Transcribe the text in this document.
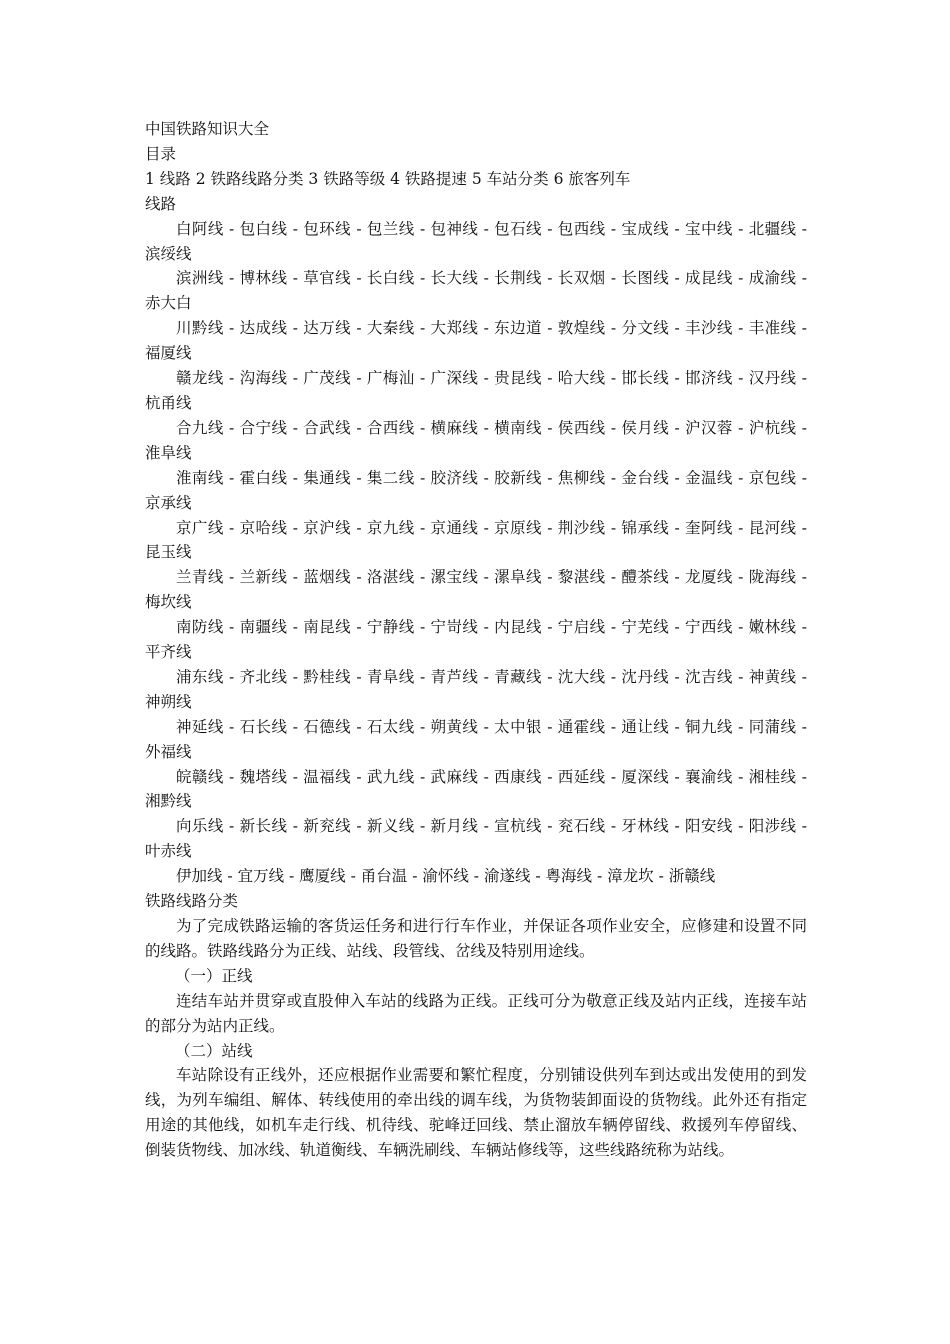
中国铁路知识大全

目录

1 线路 2 铁路线路分类 3 铁路等级 4 铁路提速 5 车站分类 6 旅客列车

线路

白阿线 - 包白线 - 包环线 - 包兰线 - 包神线 - 包石线 - 包西线 - 宝成线 - 宝中线 - 北疆线 - 滨绥线

滨洲线 - 博林线 - 草官线 - 长白线 - 长大线 - 长荆线 - 长双烟 - 长图线 - 成昆线 - 成渝线 - 赤大白

川黔线 - 达成线 - 达万线 - 大秦线 - 大郑线 - 东边道 - 敦煌线 - 分文线 - 丰沙线 - 丰准线 - 福厦线

赣龙线 - 沟海线 - 广茂线 - 广梅汕 - 广深线 - 贵昆线 - 哈大线 - 邯长线 - 邯济线 - 汉丹线 - 杭甬线

合九线 - 合宁线 - 合武线 - 合西线 - 横麻线 - 横南线 - 侯西线 - 侯月线 - 沪汉蓉 - 沪杭线 - 淮阜线

淮南线 - 霍白线 - 集通线 - 集二线 - 胶济线 - 胶新线 - 焦柳线 - 金台线 - 金温线 - 京包线 - 京承线

京广线 - 京哈线 - 京沪线 - 京九线 - 京通线 - 京原线 - 荆沙线 - 锦承线 - 奎阿线 - 昆河线 - 昆玉线

兰青线 - 兰新线 - 蓝烟线 - 洛湛线 - 漯宝线 - 漯阜线 - 黎湛线 - 醴茶线 - 龙厦线 - 陇海线 - 梅坎线

南防线 - 南疆线 - 南昆线 - 宁静线 - 宁岢线 - 内昆线 - 宁启线 - 宁芜线 - 宁西线 - 嫩林线 - 平齐线

浦东线 - 齐北线 - 黔桂线 - 青阜线 - 青芦线 - 青藏线 - 沈大线 - 沈丹线 - 沈吉线 - 神黄线 - 神朔线

神延线 - 石长线 - 石德线 - 石太线 - 朔黄线 - 太中银 - 通霍线 - 通让线 - 铜九线 - 同蒲线 - 外福线

皖赣线 - 魏塔线 - 温福线 - 武九线 - 武麻线 - 西康线 - 西延线 - 厦深线 - 襄渝线 - 湘桂线 - 湘黔线

向乐线 - 新长线 - 新兖线 - 新义线 - 新月线 - 宣杭线 - 兖石线 - 牙林线 - 阳安线 - 阳涉线 - 叶赤线

伊加线 - 宜万线 - 鹰厦线 - 甬台温 - 渝怀线 - 渝遂线 - 粤海线 - 漳龙坎 - 浙赣线

铁路线路分类

为了完成铁路运输的客货运任务和进行行车作业，并保证各项作业安全，应修建和设置不同的线路。铁路线路分为正线、站线、段管线、岔线及特别用途线。

（一）正线

连结车站并贯穿或直股伸入车站的线路为正线。正线可分为敬意正线及站内正线，连接车站的部分为站内正线。

（二）站线

车站除设有正线外，还应根据作业需要和繁忙程度，分别铺设供列车到达或出发使用的到发线，为列车编组、解体、转线使用的牵出线的调车线，为货物装卸面设的货物线。此外还有指定用途的其他线，如机车走行线、机待线、驼峰迂回线、禁止溜放车辆停留线、救援列车停留线、倒装货物线、加冰线、轨道衡线、车辆洗刷线、车辆站修线等，这些线路统称为站线。
